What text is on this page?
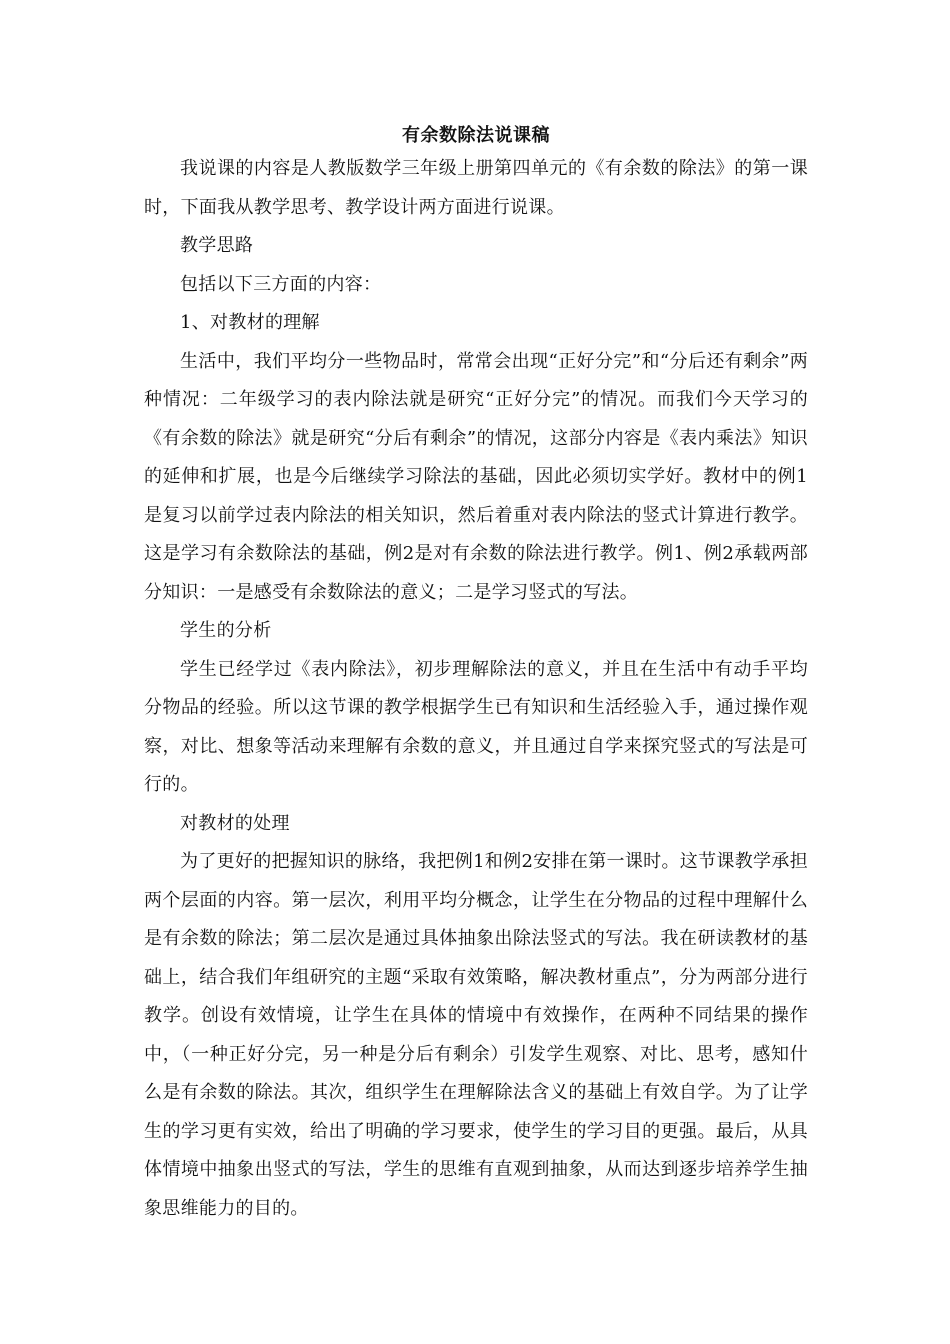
有余数除法说课稿

我说课的内容是人教版数学三年级上册第四单元的《有余数的除法》的第一课时，下面我从教学思考、教学设计两方面进行说课。

教学思路

包括以下三方面的内容：

1、对教材的理解

生活中，我们平均分一些物品时，常常会出现“正好分完”和“分后还有剩余”两种情况：二年级学习的表内除法就是研究“正好分完”的情况。而我们今天学习的《有余数的除法》就是研究“分后有剩余”的情况，这部分内容是《表内乘法》知识的延伸和扩展，也是今后继续学习除法的基础，因此必须切实学好。教材中的例1是复习以前学过表内除法的相关知识，然后着重对表内除法的竖式计算进行教学。这是学习有余数除法的基础，例2是对有余数的除法进行教学。例1、例2承载两部分知识：一是感受有余数除法的意义；二是学习竖式的写法。

学生的分析

学生已经学过《表内除法》，初步理解除法的意义，并且在生活中有动手平均分物品的经验。所以这节课的教学根据学生已有知识和生活经验入手，通过操作观察，对比、想象等活动来理解有余数的意义，并且通过自学来探究竖式的写法是可行的。

对教材的处理

为了更好的把握知识的脉络，我把例1和例2安排在第一课时。这节课教学承担两个层面的内容。第一层次，利用平均分概念，让学生在分物品的过程中理解什么是有余数的除法；第二层次是通过具体抽象出除法竖式的写法。我在研读教材的基础上，结合我们年组研究的主题“采取有效策略，解决教材重点”，分为两部分进行教学。创设有效情境，让学生在具体的情境中有效操作，在两种不同结果的操作中，（一种正好分完，另一种是分后有剩余）引发学生观察、对比、思考，感知什么是有余数的除法。其次，组织学生在理解除法含义的基础上有效自学。为了让学生的学习更有实效，给出了明确的学习要求，使学生的学习目的更强。最后，从具体情境中抽象出竖式的写法，学生的思维有直观到抽象，从而达到逐步培养学生抽象思维能力的目的。
